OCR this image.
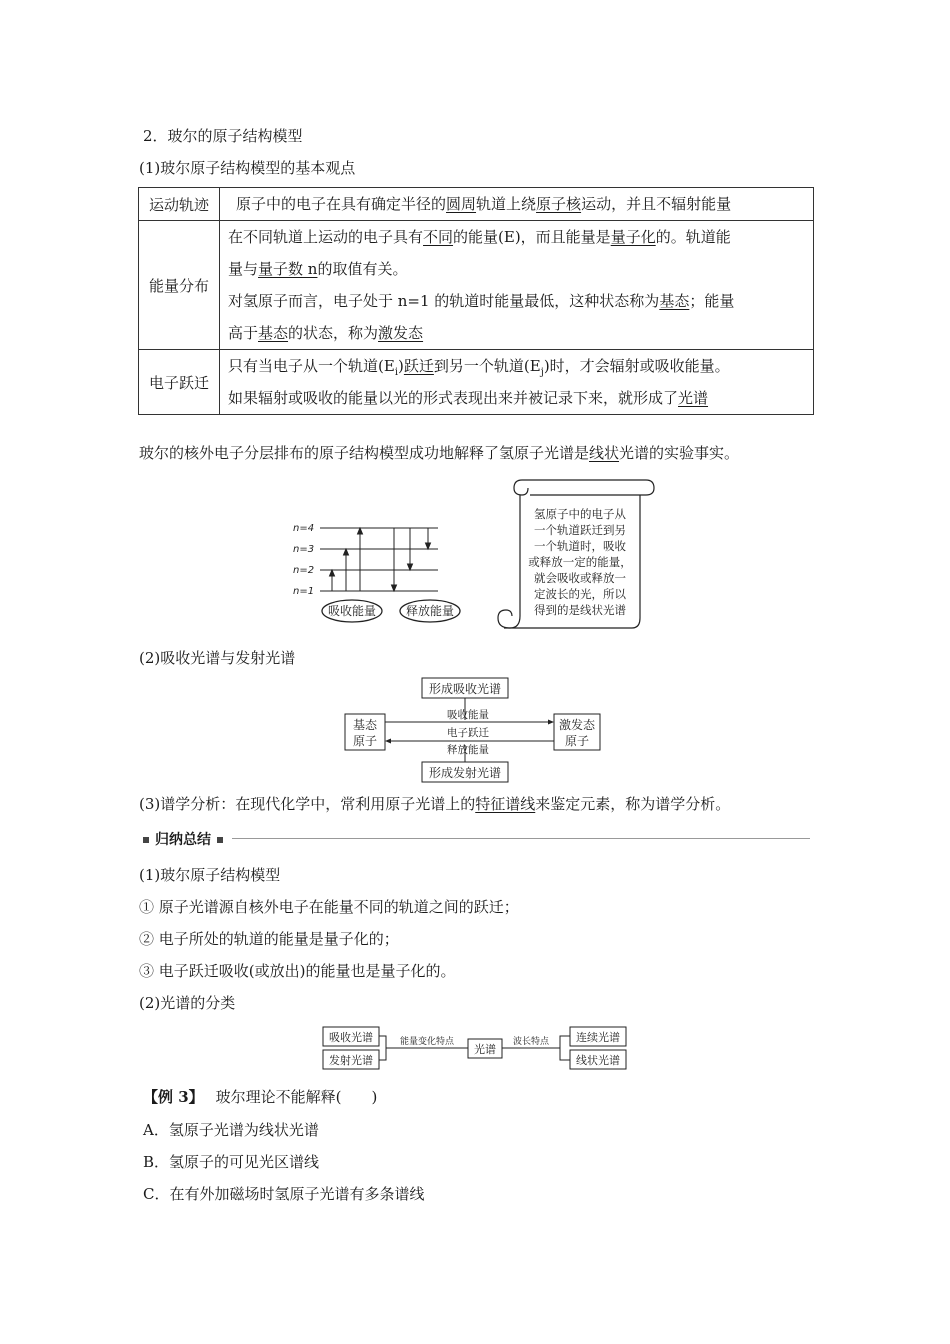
2．玻尔的原子结构模型
(1)玻尔原子结构模型的基本观点
运动轨迹	原子中的电子在具有确定半径的圆周轨道上绕原子核运动，并且不辐射能量

能量分布	在不同轨道上运动的电子具有不同的能量(E)，而且能量是量子化的。轨道能
量与量子数 n的取值有关。
对氢原子而言，电子处于 n=1 的轨道时能量最低，这种状态称为基态；能量
高于基态的状态，称为激发态

电子跃迁	只有当电子从一个轨道$(E_i)$跃迁到另一个轨道$(E_j)$时，才会辐射或吸收能量。
如果辐射或吸收的能量以光的形式表现出来并被记录下来，就形成了光谱
玻尔的核外电子分层排布的原子结构模型成功地解释了氢原子光谱是线状光谱的实验事实。
n=4
n=3
n=2
n=1
吸收能量 释放能量
氢原子中的电子从
一个轨道跃迁到另
一个轨道时，吸收
或释放一定的能量，
就会吸收或释放一
定波长的光，所以
得到的是线状光谱
(2)吸收光谱与发射光谱
形成吸收光谱
形成发射光谱
基态
原子
激发态
原子
吸收能量
电子跃迁
释放能量
(3)谱学分析：在现代化学中，常利用原子光谱上的特征谱线来鉴定元素，称为谱学分析。
归纳总结
(1)玻尔原子结构模型
① 原子光谱源自核外电子在能量不同的轨道之间的跃迁；
② 电子所处的轨道的能量是量子化的；
③ 电子跃迁吸收(或放出)的能量也是量子化的。
(2)光谱的分类
吸收光谱
发射光谱
光谱
连续光谱
线状光谱
能量变化特点	波长特点
【例 3】 玻尔理论不能解释(　　)
A．氢原子光谱为线状光谱
B．氢原子的可见光区谱线
C．在有外加磁场时氢原子光谱有多条谱线
